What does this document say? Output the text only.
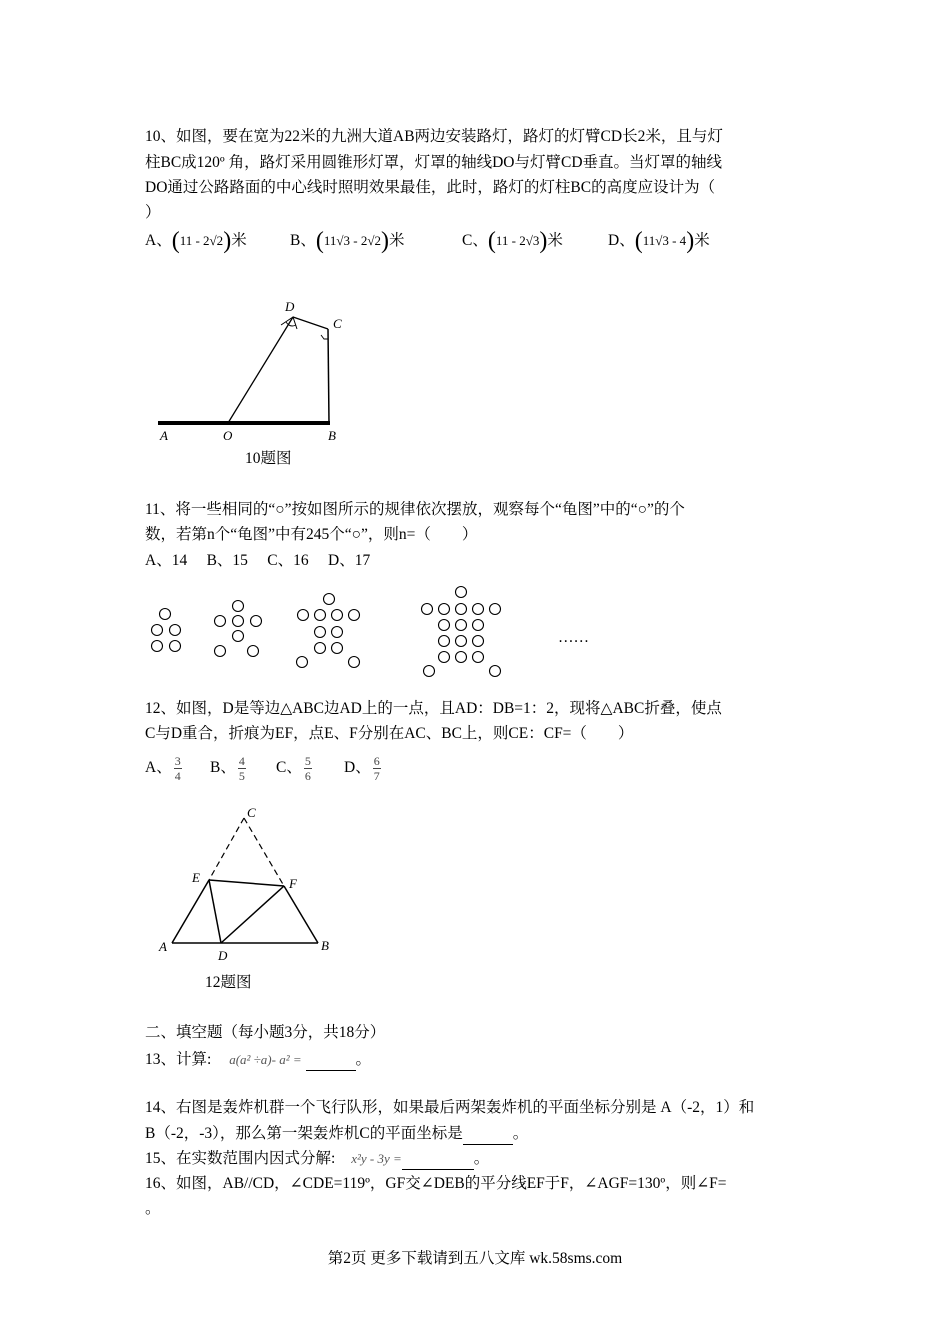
10、如图，要在宽为22米的九洲大道AB两边安装路灯，路灯的灯臂CD长2米，且与灯
柱BC成120º 角，路灯采用圆锥形灯罩，灯罩的轴线DO与灯臂CD垂直。当灯罩的轴线
DO通过公路路面的中心线时照明效果最佳，此时，路灯的灯柱BC的高度应设计为（
）
A、(11 - 2√2)米	B、(11√3 - 2√2)米	C、(11 - 2√3)米	D、(11√3 - 4)米
D
C
A	O	B
10题图
11、将一些相同的“○”按如图所示的规律依次摆放，观察每个“龟图”中的“○”的个
数，若第n个“龟图”中有245个“○”，则n=（　　）
A、14　 B、15　 C、16　 D、17
……
12、如图，D是等边△ABC边AD上的一点，且AD：DB=1：2，现将△ABC折叠，使点
C与D重合，折痕为EF，点E、F分别在AC、BC上，则CE：CF=（　　）
A、 $\frac{3}{4}$ B、 $\frac{4}{5}$ C、 $\frac{5}{6}$ D、 $\frac{6}{7}$
C
E	F
A
D
B
12题图
二、填空题（每小题3分，共18分）
13、计算: a(a² ÷a)- a² =	。
14、右图是轰炸机群一个飞行队形，如果最后两架轰炸机的平面坐标分别是 A（-2，1）和
B（-2，-3），那么第一架轰炸机C的平面坐标是	。
15、在实数范围内因式分解: x²y - 3y =	。
16、如图，AB//CD，∠CDE=119º，GF交∠DEB的平分线EF于F，∠AGF=130º，则∠F=
。
第2页 更多下载请到五八文库 wk.58sms.com
